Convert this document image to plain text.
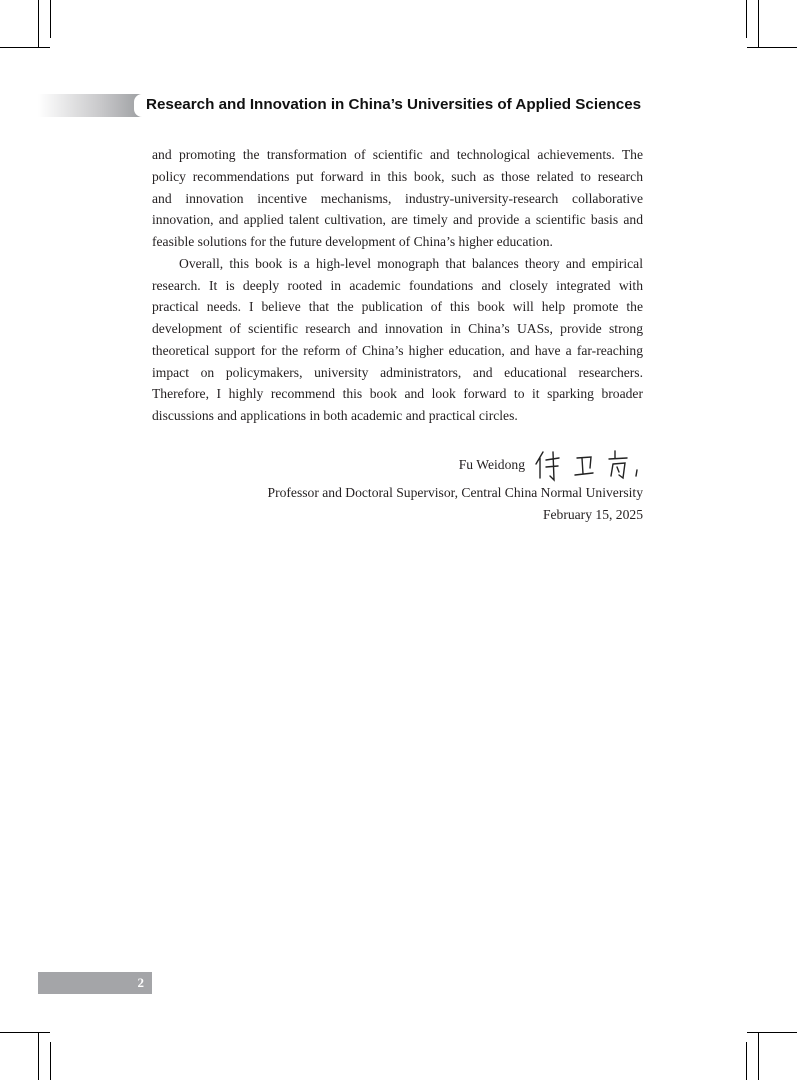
Research and Innovation in China’s Universities of Applied Sciences

and promoting the transformation of scientific and technological achievements. The
policy recommendations put forward in this book, such as those related to research
and innovation incentive mechanisms, industry-university-research collaborative
innovation, and applied talent cultivation, are timely and provide a scientific basis and
feasible solutions for the future development of China’s higher education.

Overall, this book is a high-level monograph that balances theory and empirical
research. It is deeply rooted in academic foundations and closely integrated with
practical needs. I believe that the publication of this book will help promote the
development of scientific research and innovation in China’s UASs, provide strong
theoretical support for the reform of China’s higher education, and have a far-reaching
impact on policymakers, university administrators, and educational researchers.
Therefore, I highly recommend this book and look forward to it sparking broader
discussions and applications in both academic and practical circles.

Fu Weidong
Professor and Doctoral Supervisor, Central China Normal University
February 15, 2025
2
